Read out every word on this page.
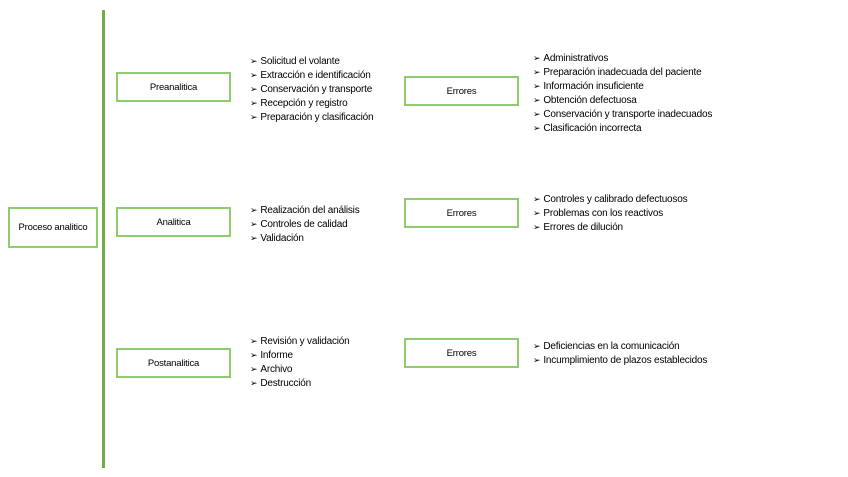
Proceso analitico
Preanalitica
➢ Solicitud el volante
➢ Extracción e identificación
➢ Conservación y transporte
➢ Recepción y registro
➢ Preparación y clasificación
Errores
➢ Administrativos
➢ Preparación inadecuada del paciente
➢ Información insuficiente
➢ Obtención defectuosa
➢ Conservación y transporte inadecuados
➢ Clasificación incorrecta
Analitica
➢ Realización del análisis
➢ Controles de calidad
➢ Validación
Errores
➢ Controles y calibrado defectuosos
➢ Problemas con los reactivos
➢ Errores de dilución
Postanalitica
➢ Revisión y validación
➢ Informe
➢ Archivo
➢ Destrucción
Errores
➢ Deficiencias en la comunicación
➢ Incumplimiento de plazos establecidos
